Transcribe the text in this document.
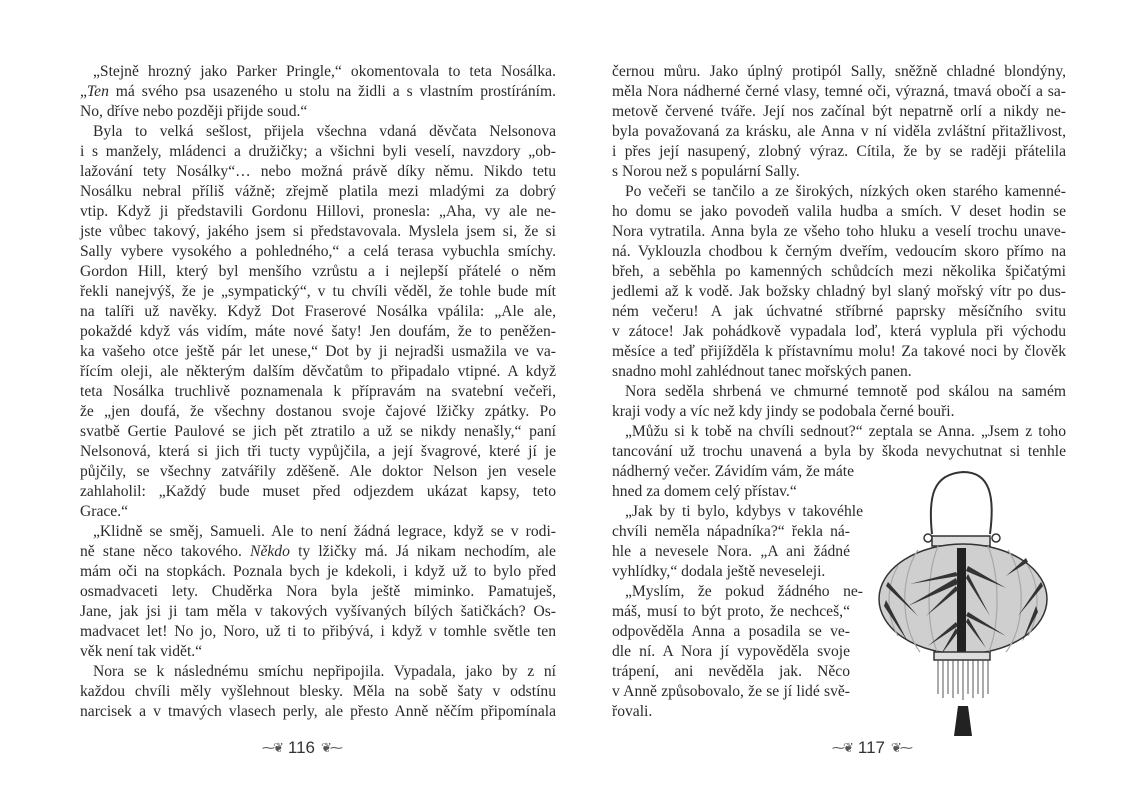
„Stejně hrozný jako Parker Pringle,“ okomentovala to teta Nosálka.
„Ten má svého psa usazeného u stolu na židli a s vlastním prostíráním.
No, dříve nebo později přijde soud.“
Byla to velká sešlost, přijela všechna vdaná děvčata Nelsonova
i s manžely, mládenci a družičky; a všichni byli veselí, navzdory „ob-
lažování tety Nosálky“… nebo možná právě díky němu. Nikdo tetu
Nosálku nebral příliš vážně; zřejmě platila mezi mladými za dobrý
vtip. Když ji představili Gordonu Hillovi, pronesla: „Aha, vy ale ne-
jste vůbec takový, jakého jsem si představovala. Myslela jsem si, že si
Sally vybere vysokého a pohledného,“ a celá terasa vybuchla smíchy.
Gordon Hill, který byl menšího vzrůstu a i nejlepší přátelé o něm
řekli nanejvýš, že je „sympatický“, v tu chvíli věděl, že tohle bude mít
na talíři už navěky. Když Dot Fraserové Nosálka vpálila: „Ale ale,
pokaždé když vás vidím, máte nové šaty! Jen doufám, že to peněžen-
ka vašeho otce ještě pár let unese,“ Dot by ji nejradši usmažila ve va-
řícím oleji, ale některým dalším děvčatům to připadalo vtipné. A když
teta Nosálka truchlivě poznamenala k přípravám na svatební večeři,
že „jen doufá, že všechny dostanou svoje čajové lžičky zpátky. Po
svatbě Gertie Paulové se jich pět ztratilo a už se nikdy nenašly,“ paní
Nelsonová, která si jich tři tucty vypůjčila, a její švagrové, které jí je
půjčily, se všechny zatvářily zděšeně. Ale doktor Nelson jen vesele
zahlaholil: „Každý bude muset před odjezdem ukázat kapsy, teto
Grace.“
„Klidně se směj, Samueli. Ale to není žádná legrace, když se v rodi-
ně stane něco takového. Někdo ty lžičky má. Já nikam nechodím, ale
mám oči na stopkách. Poznala bych je kdekoli, i když už to bylo před
osmadvaceti lety. Chuděrka Nora byla ještě miminko. Pamatuješ,
Jane, jak jsi ji tam měla v takových vyšívaných bílých šatičkách? Os-
madvacet let! No jo, Noro, už ti to přibývá, i když v tomhle světle ten
věk není tak vidět.“
Nora se k následnému smíchu nepřipojila. Vypadala, jako by z ní
každou chvíli měly vyšlehnout blesky. Měla na sobě šaty v odstínu
narcisek a v tmavých vlasech perly, ale přesto Anně něčím připomínala
⁓❦ 116 ❦⁓
černou můru. Jako úplný protipól Sally, sněžně chladné blondýny,
měla Nora nádherné černé vlasy, temné oči, výrazná, tmavá obočí a sa-
metově červené tváře. Její nos začínal být nepatrně orlí a nikdy ne-
byla považovaná za krásku, ale Anna v ní viděla zvláštní přitažlivost,
i přes její nasupený, zlobný výraz. Cítila, že by se raději přátelila
s Norou než s populární Sally.
Po večeři se tančilo a ze širokých, nízkých oken starého kamenné-
ho domu se jako povodeň valila hudba a smích. V deset hodin se
Nora vytratila. Anna byla ze všeho toho hluku a veselí trochu unave-
ná. Vyklouzla chodbou k černým dveřím, vedoucím skoro přímo na
břeh, a seběhla po kamenných schůdcích mezi několika špičatými
jedlemi až k vodě. Jak božsky chladný byl slaný mořský vítr po dus-
ném večeru! A jak úchvatné stříbrné paprsky měsíčního svitu
v zátoce! Jak pohádkově vypadala loď, která vyplula při východu
měsíce a teď přijížděla k přístavnímu molu! Za takové noci by člověk
snadno mohl zahlédnout tanec mořských panen.
Nora seděla shrbená ve chmurné temnotě pod skálou na samém
kraji vody a víc než kdy jindy se podobala černé bouři.
„Můžu si k tobě na chvíli sednout?“ zeptala se Anna. „Jsem z toho
tancování už trochu unavená a byla by škoda nevychutnat si tenhle
nádherný večer. Závidím vám, že máte
hned za domem celý přístav.“
„Jak by ti bylo, kdybys v takovéhle
chvíli neměla nápadníka?“ řekla ná-
hle a nevesele Nora. „A ani žádné
vyhlídky,“ dodala ještě neveseleji.
„Myslím, že pokud žádného ne-
máš, musí to být proto, že nechceš,“
odpověděla Anna a posadila se ve-
dle ní. A Nora jí vypověděla svoje
trápení, ani nevěděla jak. Něco
v Anně způsobovalo, že se jí lidé svě-
řovali.
⁓❦ 117 ❦⁓
